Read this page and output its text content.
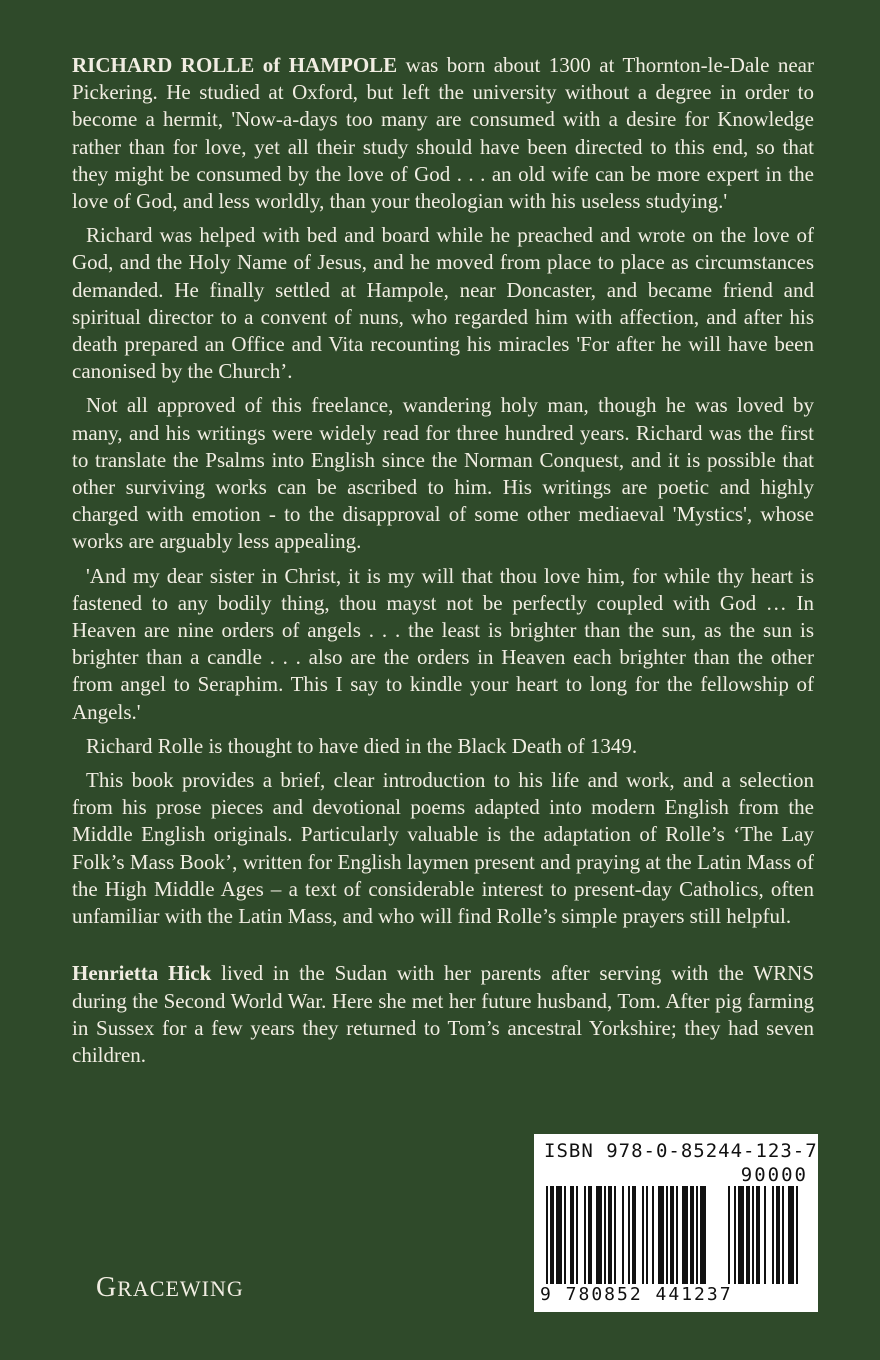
RICHARD ROLLE of HAMPOLE was born about 1300 at Thornton-le-Dale near Pickering. He studied at Oxford, but left the university without a degree in order to become a hermit, 'Now-a-days too many are consumed with a desire for Knowledge rather than for love, yet all their study should have been directed to this end, so that they might be consumed by the love of God . . . an old wife can be more expert in the love of God, and less worldly, than your theologian with his useless studying.'

Richard was helped with bed and board while he preached and wrote on the love of God, and the Holy Name of Jesus, and he moved from place to place as circumstances demanded. He finally settled at Hampole, near Doncaster, and became friend and spiritual director to a convent of nuns, who regarded him with affection, and after his death prepared an Office and Vita recounting his miracles 'For after he will have been canonised by the Church’.

Not all approved of this freelance, wandering holy man, though he was loved by many, and his writings were widely read for three hundred years. Richard was the first to translate the Psalms into English since the Norman Conquest, and it is possible that other surviving works can be ascribed to him. His writings are poetic and highly charged with emotion - to the disapproval of some other mediaeval 'Mystics', whose works are arguably less appealing.

'And my dear sister in Christ, it is my will that thou love him, for while thy heart is fastened to any bodily thing, thou mayst not be perfectly coupled with God … In Heaven are nine orders of angels . . . the least is brighter than the sun, as the sun is brighter than a candle . . . also are the orders in Heaven each brighter than the other from angel to Seraphim. This I say to kindle your heart to long for the fellowship of Angels.'

Richard Rolle is thought to have died in the Black Death of 1349.

This book provides a brief, clear introduction to his life and work, and a selection from his prose pieces and devotional poems adapted into modern English from the Middle English originals. Particularly valuable is the adaptation of Rolle’s ‘The Lay Folk’s Mass Book’, written for English laymen present and praying at the Latin Mass of the High Middle Ages – a text of considerable interest to present-day Catholics, often unfamiliar with the Latin Mass, and who will find Rolle’s simple prayers still helpful.

Henrietta Hick lived in the Sudan with her parents after serving with the WRNS during the Second World War. Here she met her future husband, Tom. After pig farming in Sussex for a few years they returned to Tom’s ancestral Yorkshire; they had seven children.

GRACEWING
ISBN 978-0-85244-123-7
90000
9 780852 441237
